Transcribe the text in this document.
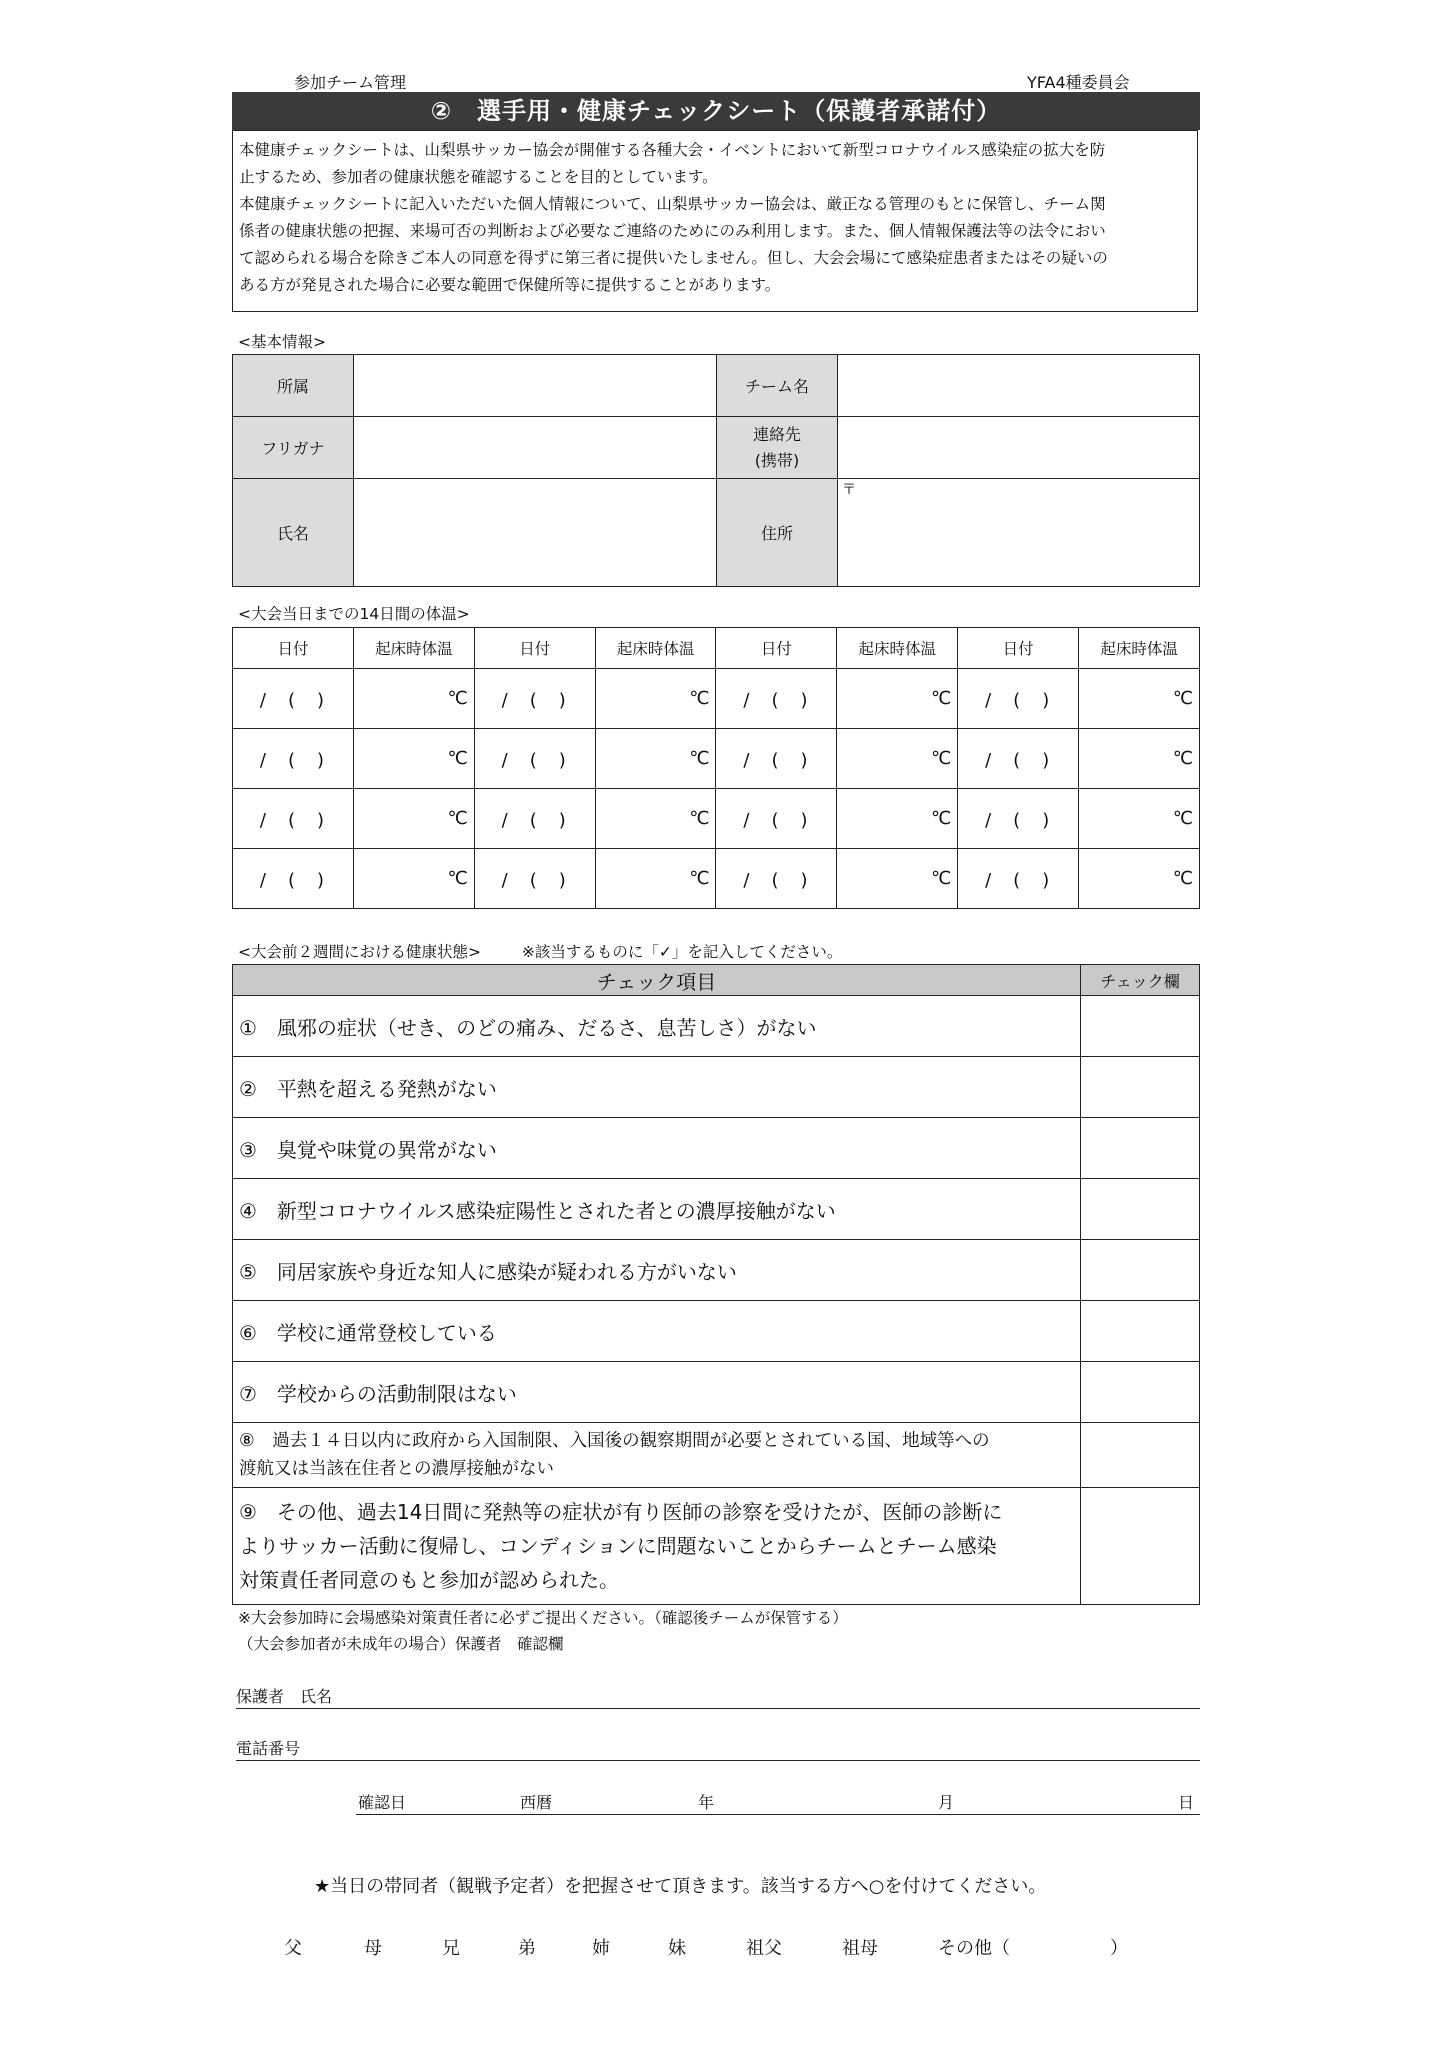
参加チーム管理	YFA4種委員会
②　選手用・健康チェックシート（保護者承諾付）
本健康チェックシートは、山梨県サッカー協会が開催する各種大会・イベントにおいて新型コロナウイルス感染症の拡大を防
止するため、参加者の健康状態を確認することを目的としています。
本健康チェックシートに記入いただいた個人情報について、山梨県サッカー協会は、厳正なる管理のもとに保管し、チーム関
係者の健康状態の把握、来場可否の判断および必要なご連絡のためにのみ利用します。また、個人情報保護法等の法令におい
て認められる場合を除きご本人の同意を得ずに第三者に提供いたしません。但し、大会会場にて感染症患者またはその疑いの
ある方が発見された場合に必要な範囲で保健所等に提供することがあります。
<基本情報>
所属		チーム名	
フリガナ		連絡先
(携帯)	

氏名		住所	〒
<大会当日までの14日間の体温>
日付	起床時体温	日付	起床時体温	日付	起床時体温	日付	起床時体温
/　(　)	℃	/　(　)	℃	/　(　)	℃	/　(　)	℃
/　(　)	℃	/　(　)	℃	/　(　)	℃	/　(　)	℃
/　(　)	℃	/　(　)	℃	/　(　)	℃	/　(　)	℃
/　(　)	℃	/　(　)	℃	/　(　)	℃	/　(　)	℃
<大会前２週間における健康状態>	※該当するものに「✓」を記入してください。
チェック項目	チェック欄
①　風邪の症状（せき、のどの痛み、だるさ、息苦しさ）がない	
②　平熱を超える発熱がない	
③　臭覚や味覚の異常がない	
④　新型コロナウイルス感染症陽性とされた者との濃厚接触がない	
⑤　同居家族や身近な知人に感染が疑われる方がいない	
⑥　学校に通常登校している	
⑦　学校からの活動制限はない	

⑧　過去１４日以内に政府から入国制限、入国後の観察期間が必要とされている国、地域等への
渡航又は当該在住者との濃厚接触がない	

⑨　その他、過去14日間に発熱等の症状が有り医師の診察を受けたが、医師の診断に
よりサッカー活動に復帰し、コンディションに問題ないことからチームとチーム感染
対策責任者同意のもと参加が認められた。	

※大会参加時に会場感染対策責任者に必ずご提出ください。（確認後チームが保管する）
（大会参加者が未成年の場合）保護者　確認欄
保護者　氏名
電話番号
確認日	西暦	年	月	日
★当日の帯同者（観戦予定者）を把握させて頂きます。該当する方へ○を付けてください。
父	母	兄	弟	姉	妹	祖父	祖母	その他（	）
